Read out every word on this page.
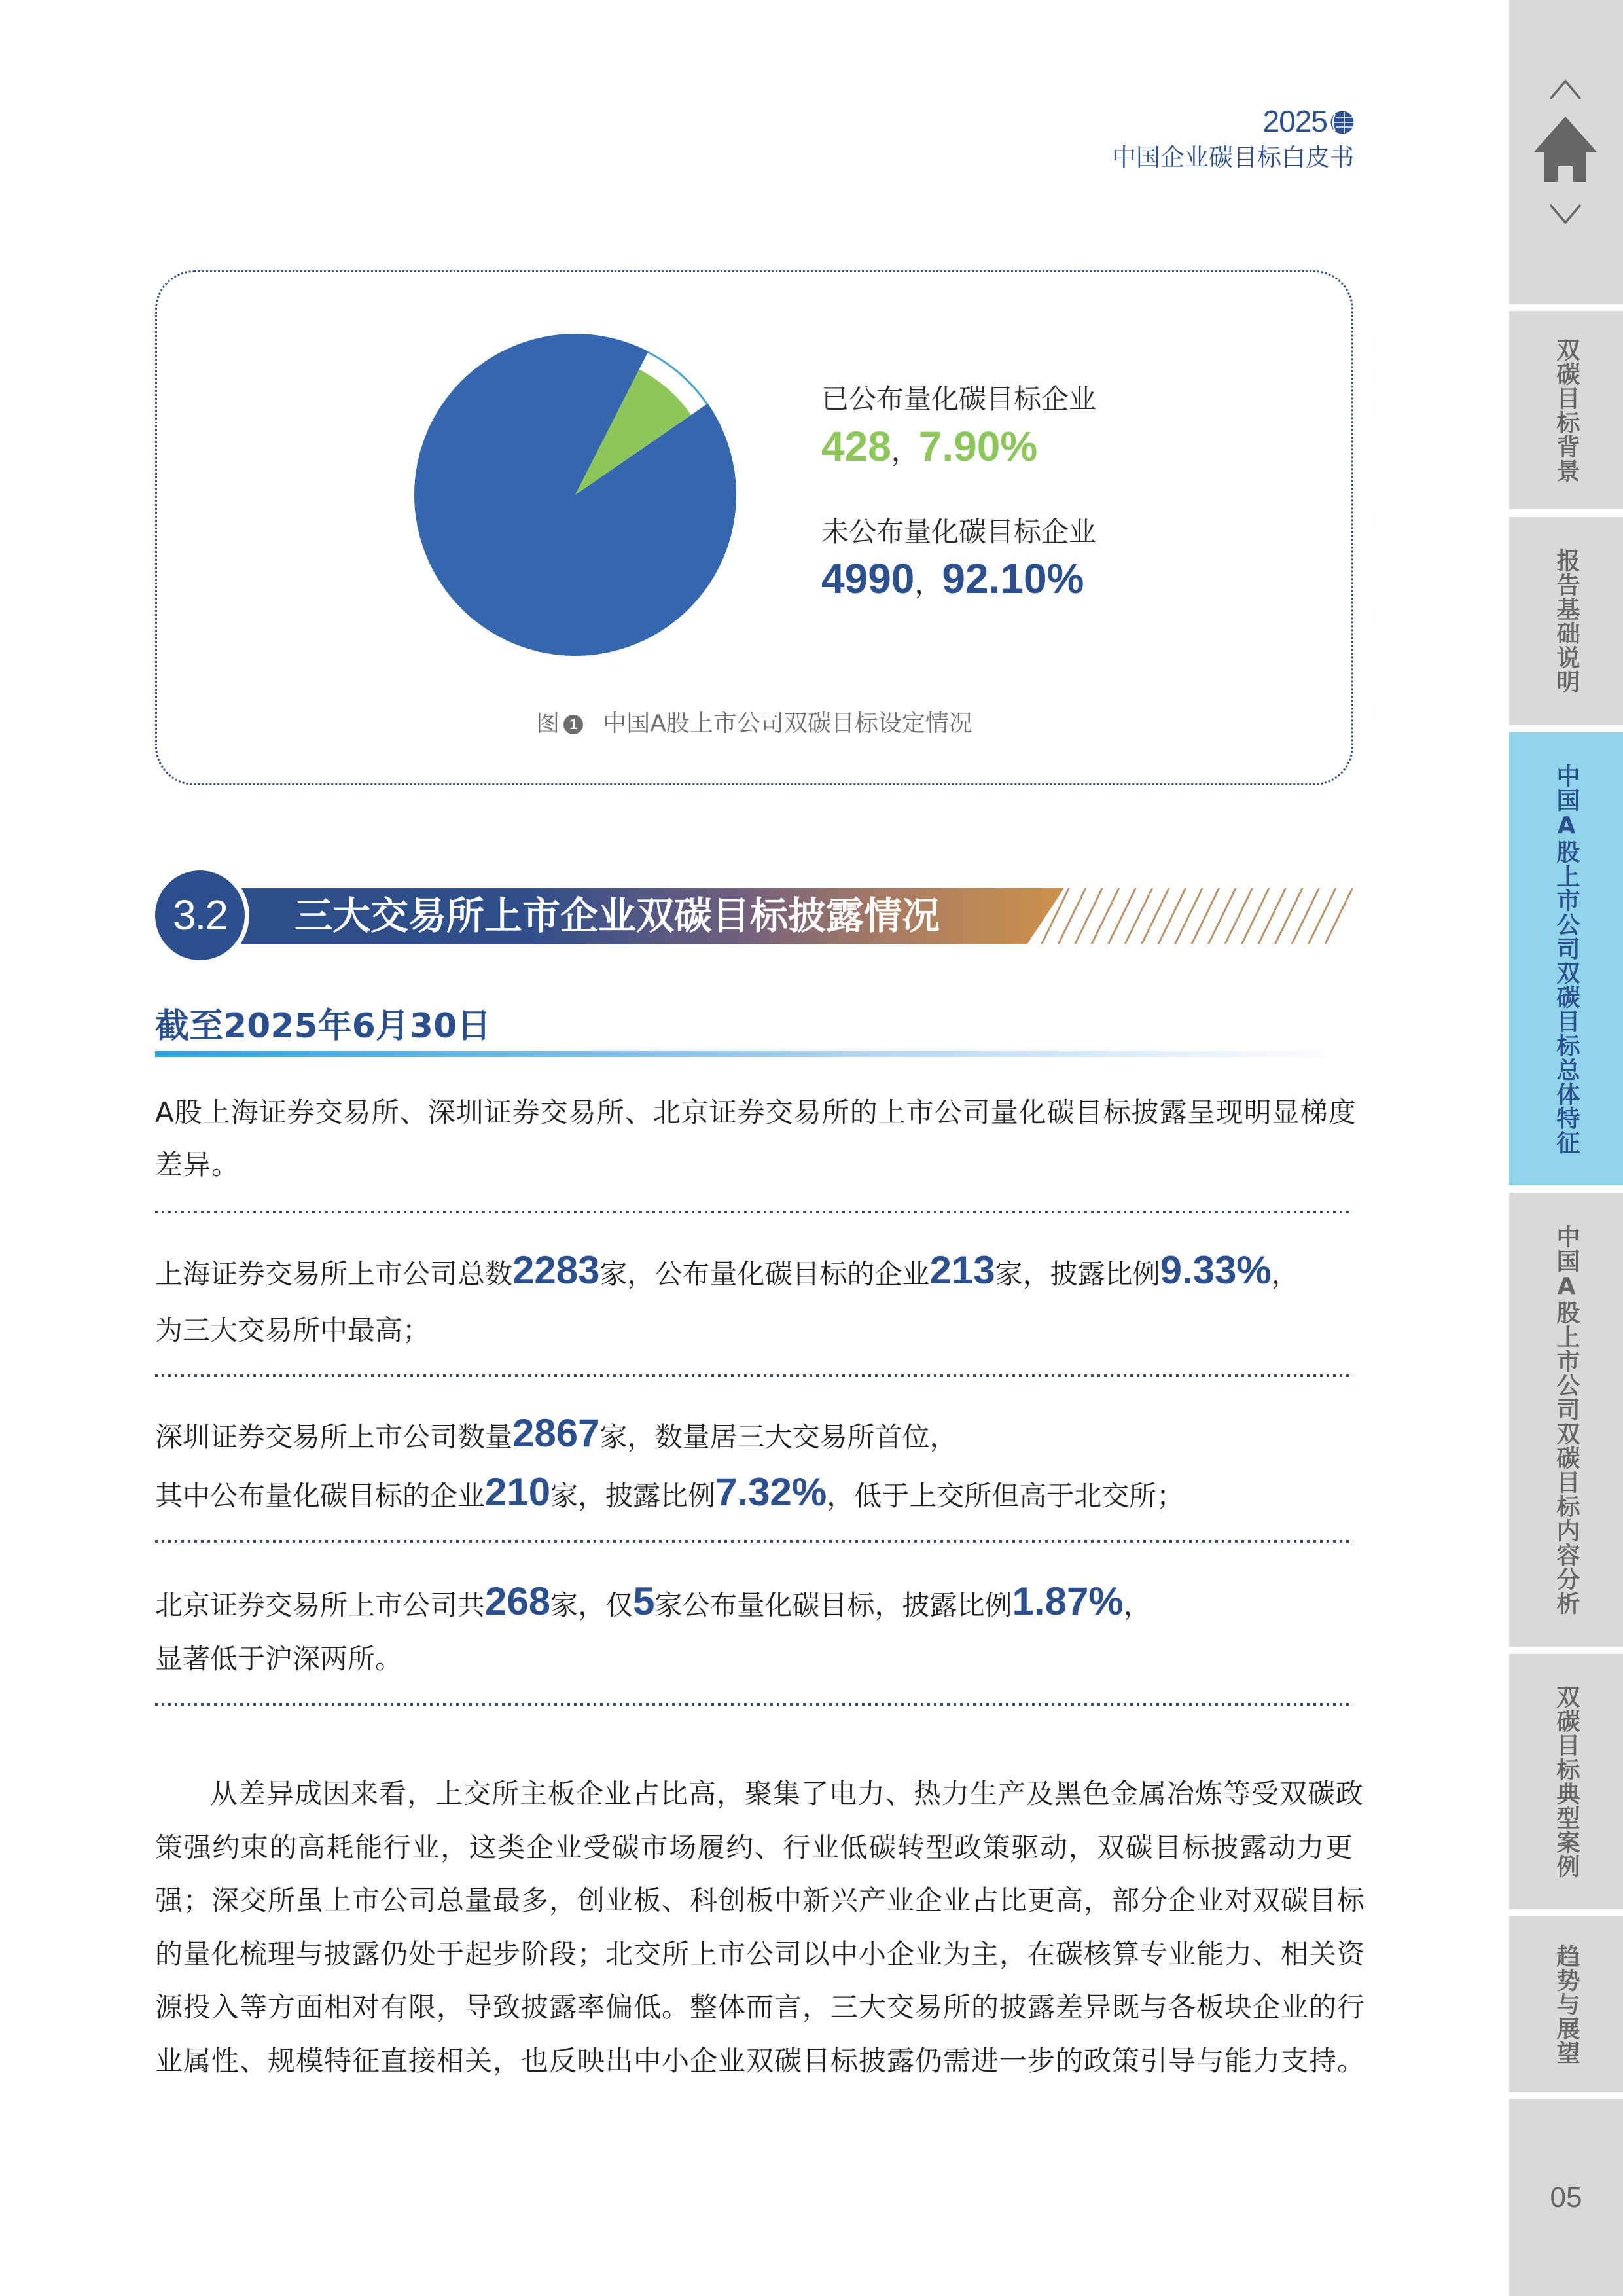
2025
中国企业碳目标白皮书
已公布量化碳目标企业
428，7.90%
未公布量化碳目标企业
4990，92.10%
图 1 中国A股上市公司双碳目标设定情况
3.2	三大交易所上市企业双碳目标披露情况
截至2025年6月30日
A股上海证券交易所、深圳证券交易所、北京证券交易所的上市公司量化碳目标披露呈现明显梯度
差异。
上海证券交易所上市公司总数2283家，公布量化碳目标的企业213家，披露比例9.33%，
为三大交易所中最高；
深圳证券交易所上市公司数量2867家，数量居三大交易所首位，
其中公布量化碳目标的企业210家，披露比例7.32%，低于上交所但高于北交所；
北京证券交易所上市公司共268家，仅5家公布量化碳目标，披露比例1.87%，
显著低于沪深两所。
从差异成因来看，上交所主板企业占比高，聚集了电力、热力生产及黑色金属冶炼等受双碳政
策强约束的高耗能行业，这类企业受碳市场履约、行业低碳转型政策驱动，双碳目标披露动力更
强；深交所虽上市公司总量最多，创业板、科创板中新兴产业企业占比更高，部分企业对双碳目标
的量化梳理与披露仍处于起步阶段；北交所上市公司以中小企业为主，在碳核算专业能力、相关资
源投入等方面相对有限，导致披露率偏低。整体而言，三大交易所的披露差异既与各板块企业的行
业属性、规模特征直接相关，也反映出中小企业双碳目标披露仍需进一步的政策引导与能力支持。
双碳目标背景
报告基础说明
中国A股上市公司双碳目标总体特征
中国A股上市公司双碳目标内容分析
双碳目标典型案例
趋势与展望
05
